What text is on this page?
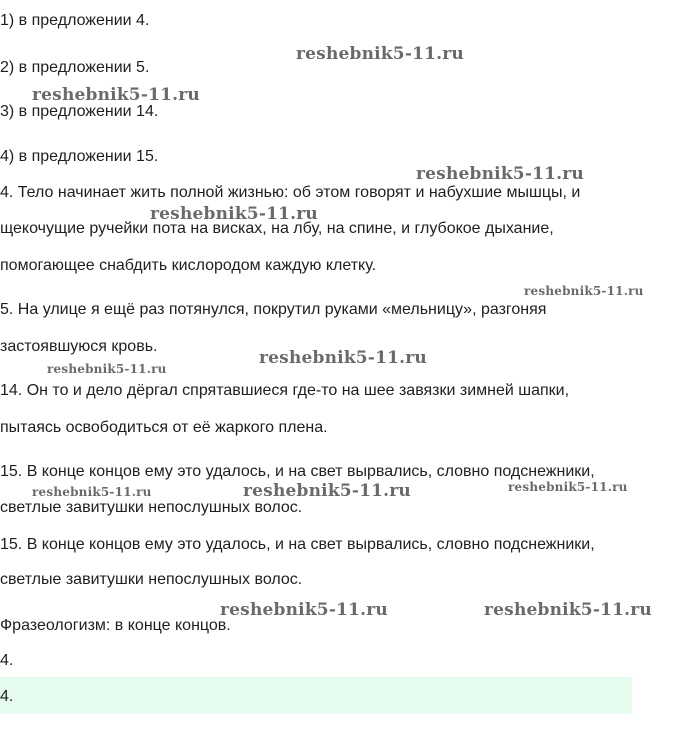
1) в предложении 4.

2) в предложении 5.

3) в предложении 14.

4) в предложении 15.

4. Тело начинает жить полной жизнью: об этом говорят и набухшие мышцы, и

щекочущие ручейки пота на висках, на лбу, на спине, и глубокое дыхание,

помогающее снабдить кислородом каждую клетку.

5. На улице я ещё раз потянулся, покрутил руками «мельницу», разгоняя

застоявшуюся кровь.

14. Он то и дело дёргал спрятавшиеся где-то на шее завязки зимней шапки,

пытаясь освободиться от её жаркого плена.

15. В конце концов ему это удалось, и на свет вырвались, словно подснежники,

светлые завитушки непослушных волос.

15. В конце концов ему это удалось, и на свет вырвались, словно подснежники,

светлые завитушки непослушных волос.

Фразеологизм: в конце концов.

4.

4.

reshebnik5-11.ru
reshebnik5-11.ru
reshebnik5-11.ru
reshebnik5-11.ru
reshebnik5-11.ru
reshebnik5-11.ru
reshebnik5-11.ru
reshebnik5-11.ru
reshebnik5-11.ru	reshebnik5-11.ru
reshebnik5-11.ru	reshebnik5-11.ru
